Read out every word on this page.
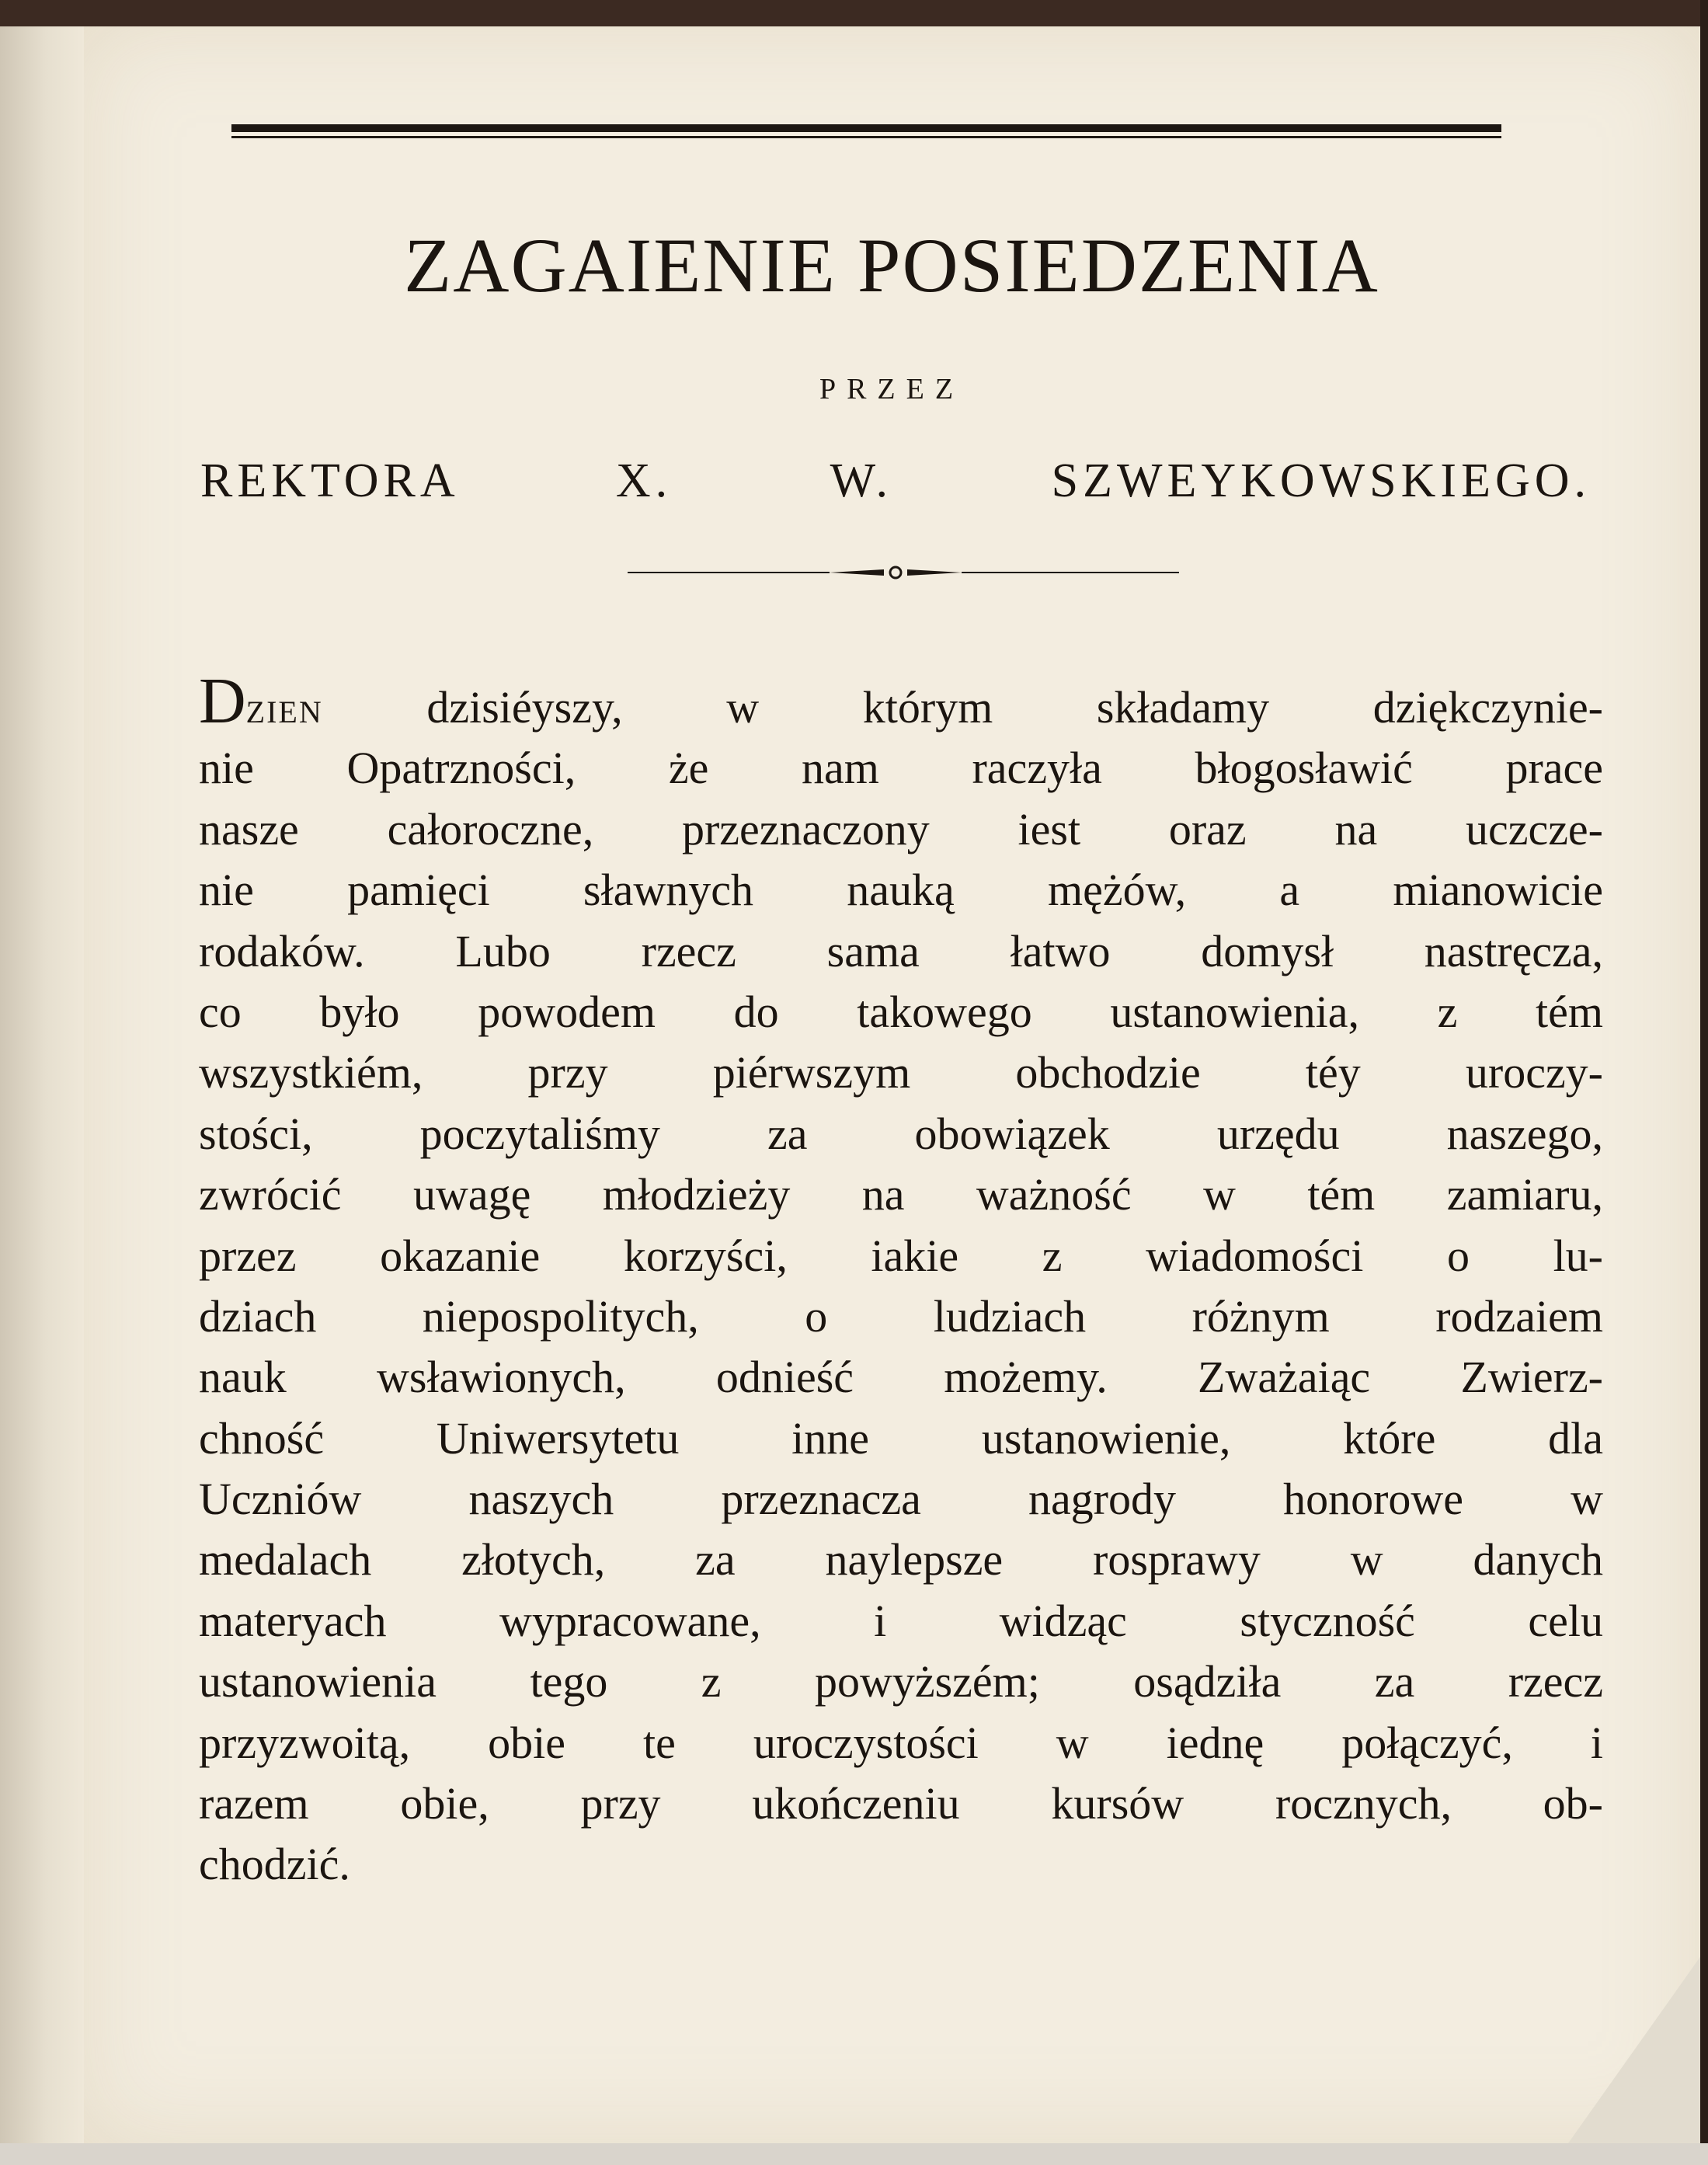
ZAGAIENIE POSIEDZENIA
PRZEZ
REKTORA X. W. SZWEYKOWSKIEGO.
DZIEN dzisiéyszy, w którym składamy dziękczynie-
nie Opatrzności, że nam raczyła błogosławić prace
nasze całoroczne, przeznaczony iest oraz na uczcze-
nie pamięci sławnych nauką mężów, a mianowicie
rodaków. Lubo rzecz sama łatwo domysł nastręcza,
co było powodem do takowego ustanowienia, z tém
wszystkiém, przy piérwszym obchodzie téy uroczy-
stości, poczytaliśmy za obowiązek urzędu naszego,
zwrócić uwagę młodzieży na ważność w tém zamiaru,
przez okazanie korzyści, iakie z wiadomości o lu-
dziach niepospolitych, o ludziach różnym rodzaiem
nauk wsławionych, odnieść możemy. Zważaiąc Zwierz-
chność Uniwersytetu inne ustanowienie, które dla
Uczniów naszych przeznacza nagrody honorowe w
medalach złotych, za naylepsze rosprawy w danych
materyach wypracowane, i widząc styczność celu
ustanowienia tego z powyższém; osądziła za rzecz
przyzwoitą, obie te uroczystości w iednę połączyć, i
razem obie, przy ukończeniu kursów rocznych, ob-
chodzić.
